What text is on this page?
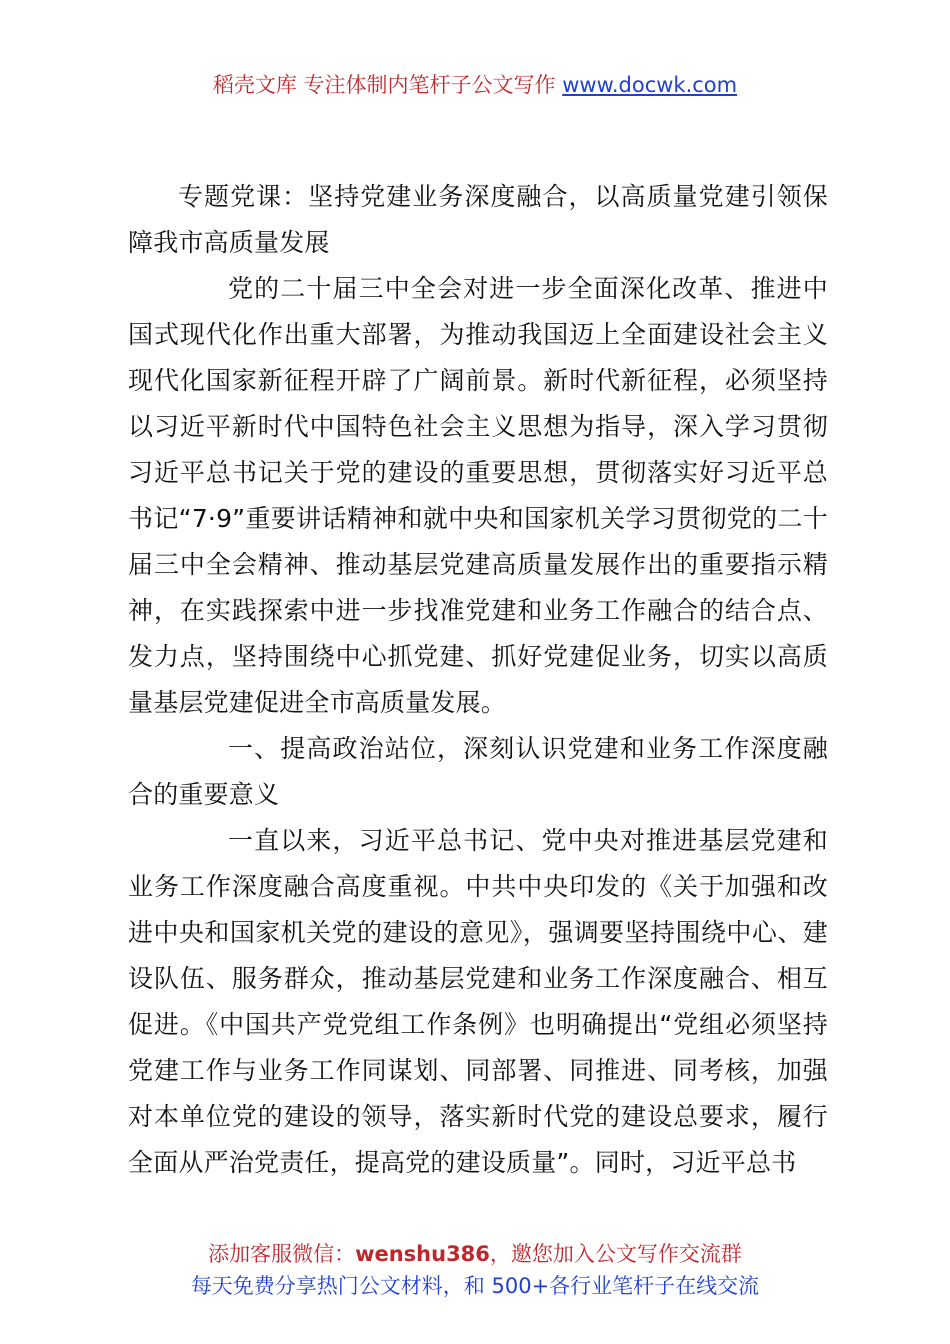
稻壳文库 专注体制内笔杆子公文写作 www.docwk.com

专题党课：坚持党建业务深度融合，以高质量党建引领保障我市高质量发展

党的二十届三中全会对进一步全面深化改革、推进中国式现代化作出重大部署，为推动我国迈上全面建设社会主义现代化国家新征程开辟了广阔前景。新时代新征程，必须坚持以习近平新时代中国特色社会主义思想为指导，深入学习贯彻习近平总书记关于党的建设的重要思想，贯彻落实好习近平总书记“7·9”重要讲话精神和就中央和国家机关学习贯彻党的二十届三中全会精神、推动基层党建高质量发展作出的重要指示精神，在实践探索中进一步找准党建和业务工作融合的结合点、发力点，坚持围绕中心抓党建、抓好党建促业务，切实以高质量基层党建促进全市高质量发展。

一、提高政治站位，深刻认识党建和业务工作深度融合的重要意义

一直以来，习近平总书记、党中央对推进基层党建和业务工作深度融合高度重视。中共中央印发的《关于加强和改进中央和国家机关党的建设的意见》，强调要坚持围绕中心、建设队伍、服务群众，推动基层党建和业务工作深度融合、相互促进。《中国共产党党组工作条例》也明确提出“党组必须坚持党建工作与业务工作同谋划、同部署、同推进、同考核，加强对本单位党的建设的领导，落实新时代党的建设总要求，履行全面从严治党责任，提高党的建设质量”。同时，习近平总书

添加客服微信：wenshu386，邀您加入公文写作交流群
每天免费分享热门公文材料，和 500+各行业笔杆子在线交流
